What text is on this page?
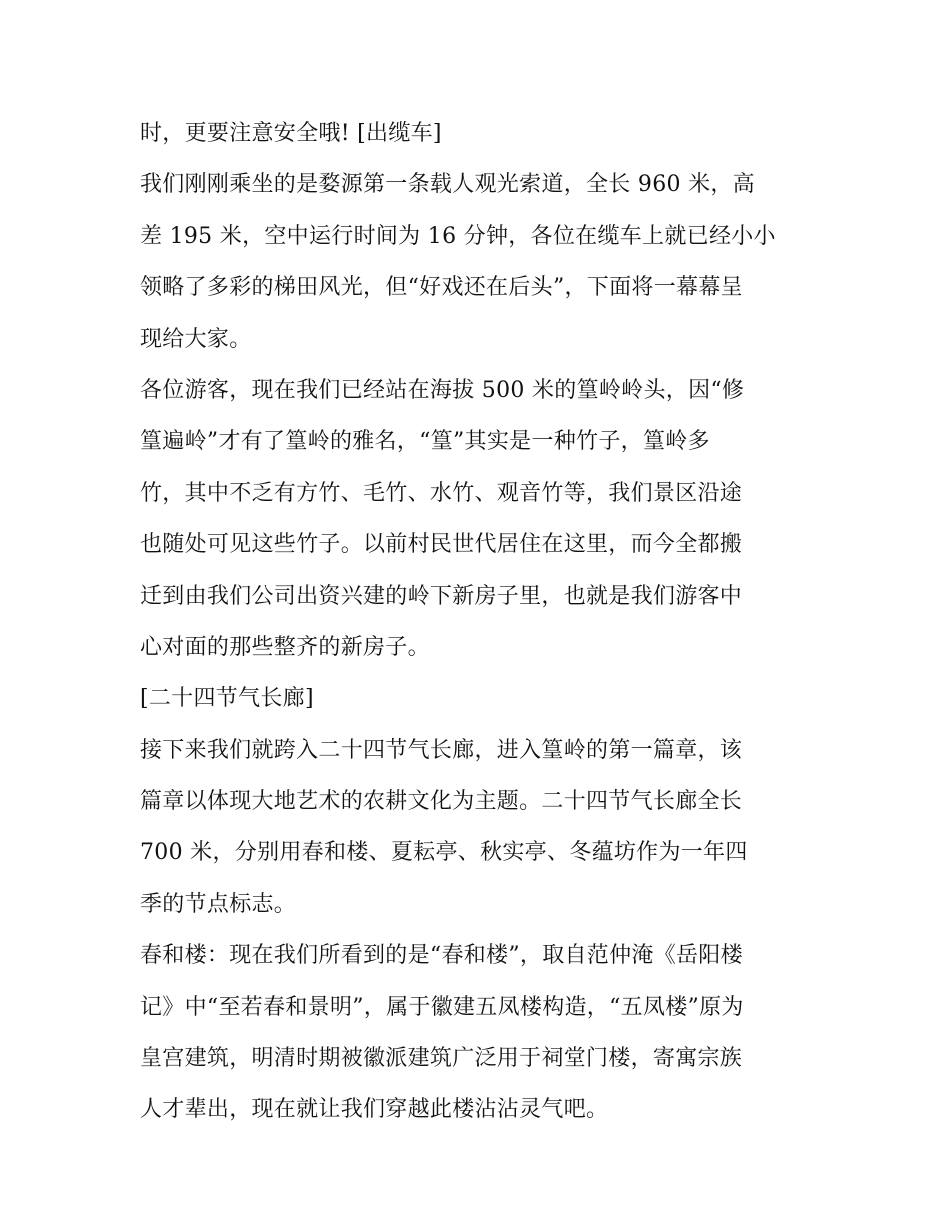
时，更要注意安全哦! [出缆车]
我们刚刚乘坐的是婺源第一条载人观光索道，全长 960 米，高
差 195 米，空中运行时间为 16 分钟，各位在缆车上就已经小小
领略了多彩的梯田风光，但“好戏还在后头”，下面将一幕幕呈
现给大家。
各位游客，现在我们已经站在海拔 500 米的篁岭岭头，因“修
篁遍岭”才有了篁岭的雅名，“篁”其实是一种竹子，篁岭多
竹，其中不乏有方竹、毛竹、水竹、观音竹等，我们景区沿途
也随处可见这些竹子。以前村民世代居住在这里，而今全都搬
迁到由我们公司出资兴建的岭下新房子里，也就是我们游客中
心对面的那些整齐的新房子。
[二十四节气长廊]
接下来我们就跨入二十四节气长廊，进入篁岭的第一篇章，该
篇章以体现大地艺术的农耕文化为主题。二十四节气长廊全长
700 米，分别用春和楼、夏耘亭、秋实亭、冬蕴坊作为一年四
季的节点标志。
春和楼：现在我们所看到的是“春和楼”，取自范仲淹《岳阳楼
记》中“至若春和景明”，属于徽建五凤楼构造，“五凤楼”原为
皇宫建筑，明清时期被徽派建筑广泛用于祠堂门楼，寄寓宗族
人才辈出，现在就让我们穿越此楼沾沾灵气吧。
